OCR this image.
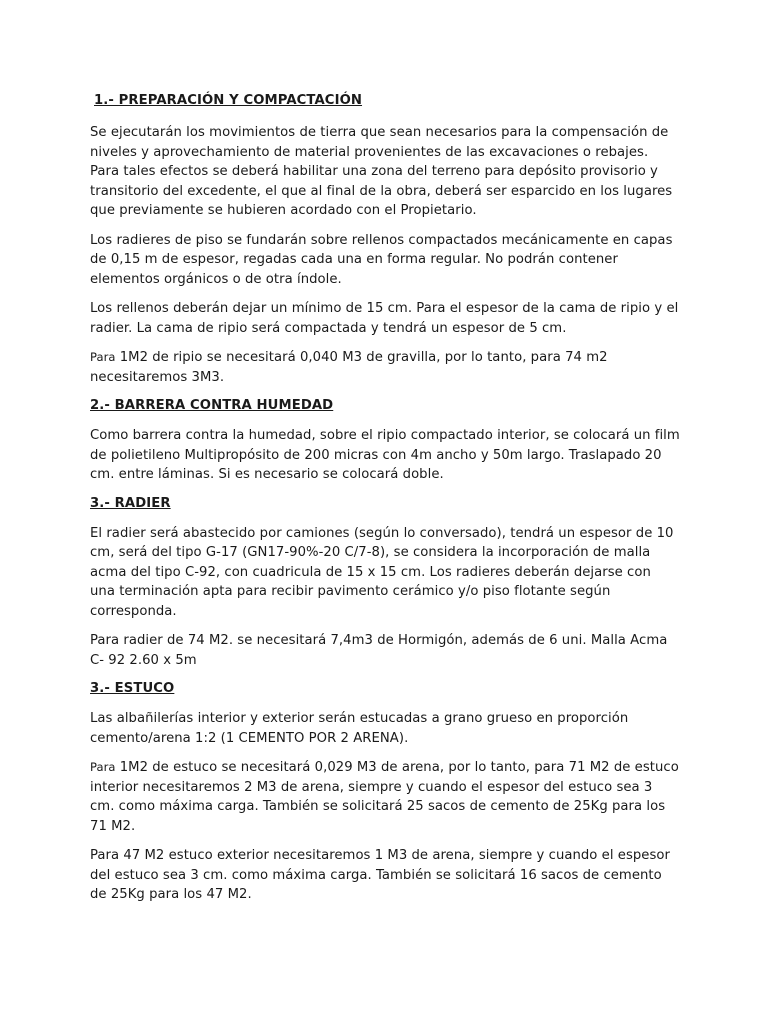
1.- PREPARACIÓN Y COMPACTACIÓN

Se ejecutarán los movimientos de tierra que sean necesarios para la compensación de niveles y aprovechamiento de material provenientes de las excavaciones o rebajes. Para tales efectos se deberá habilitar una zona del terreno para depósito provisorio y transitorio del excedente, el que al final de la obra, deberá ser esparcido en los lugares que previamente se hubieren acordado con el Propietario.

Los radieres de piso se fundarán sobre rellenos compactados mecánicamente en capas de 0,15 m de espesor, regadas cada una en forma regular. No podrán contener elementos orgánicos o de otra índole.

Los rellenos deberán dejar un mínimo de 15 cm. Para el espesor de la cama de ripio y el radier. La cama de ripio será compactada y tendrá un espesor de 5 cm.

Para 1M2 de ripio se necesitará 0,040 M3 de gravilla, por lo tanto, para 74 m2 necesitaremos 3M3.

2.- BARRERA CONTRA HUMEDAD

Como barrera contra la humedad, sobre el ripio compactado interior, se colocará un film de polietileno Multipropósito de 200 micras con 4m ancho y 50m largo. Traslapado 20 cm. entre láminas. Si es necesario se colocará doble.

3.- RADIER

El radier será abastecido por camiones (según lo conversado), tendrá un espesor de 10 cm, será del tipo G-17 (GN17-90%-20 C/7-8), se considera la incorporación de malla acma del tipo C-92, con cuadricula de 15 x 15 cm. Los radieres deberán dejarse con una terminación apta para recibir pavimento cerámico y/o piso flotante según corresponda.

Para radier de 74 M2. se necesitará 7,4m3 de Hormigón, además de 6 uni. Malla Acma C- 92 2.60 x 5m

3.- ESTUCO

Las albañilerías interior y exterior serán estucadas a grano grueso en proporción cemento/arena 1:2 (1 CEMENTO POR 2 ARENA).

Para 1M2 de estuco se necesitará 0,029 M3 de arena, por lo tanto, para 71 M2 de estuco interior necesitaremos 2 M3 de arena, siempre y cuando el espesor del estuco sea 3 cm. como máxima carga. También se solicitará 25 sacos de cemento de 25Kg para los 71 M2.

Para 47 M2 estuco exterior necesitaremos 1 M3 de arena, siempre y cuando el espesor del estuco sea 3 cm. como máxima carga. También se solicitará 16 sacos de cemento de 25Kg para los 47 M2.
